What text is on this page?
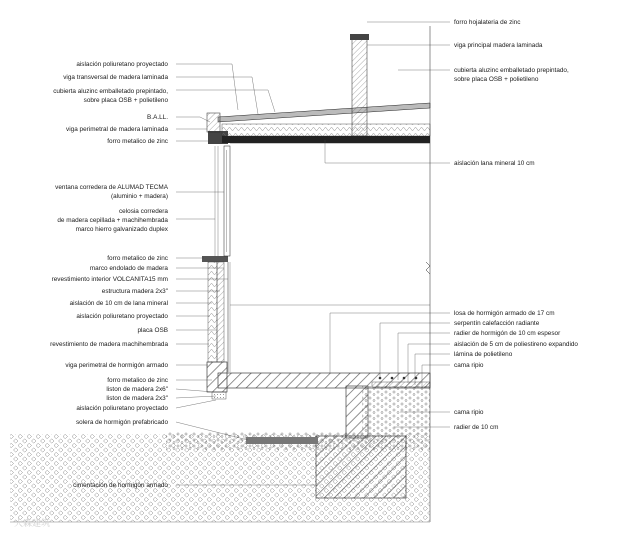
aislación poliuretano proyectado
viga transversal de madera laminada
cubierta aluzinc emballetado prepintado,
sobre placa OSB + polietileno
B.A.LL.
viga perimetral de madera laminada
forro metalico de zinc
ventana corredera de ALUMAD TECMA
(aluminio + madera)
celosia corredera
de madera cepillada + machihembrada
marco hierro galvanizado duplex
forro metalico de zinc
marco endolado de madera
revestimiento interior VOLCANITA15 mm
estructura madera 2x3"
aislación de 10 cm de lana mineral
aislación poliuretano proyectado
placa OSB
revestimiento de madera machihembrada
viga perimetral de hormigón armado
forro metalico de zinc
liston de madera 2x6"
liston de madera 2x3"
aislación poliuretano proyectado
solera de hormigón prefabricado
cimentación de hormigón armado
forro hojalateria de zinc
viga principal madera laminada
cubierta aluzinc emballetado prepintado,
sobre placa OSB + polietileno
aislación lana mineral 10 cm
losa de hormigón armado de 17 cm
serpentín calefacción radiante
radier de hormigón de 10 cm espesor
aislación de 5 cm de poliestireno expandido
lámina de polietileno
cama ripio
cama ripio
radier de 10 cm
大森建筑
